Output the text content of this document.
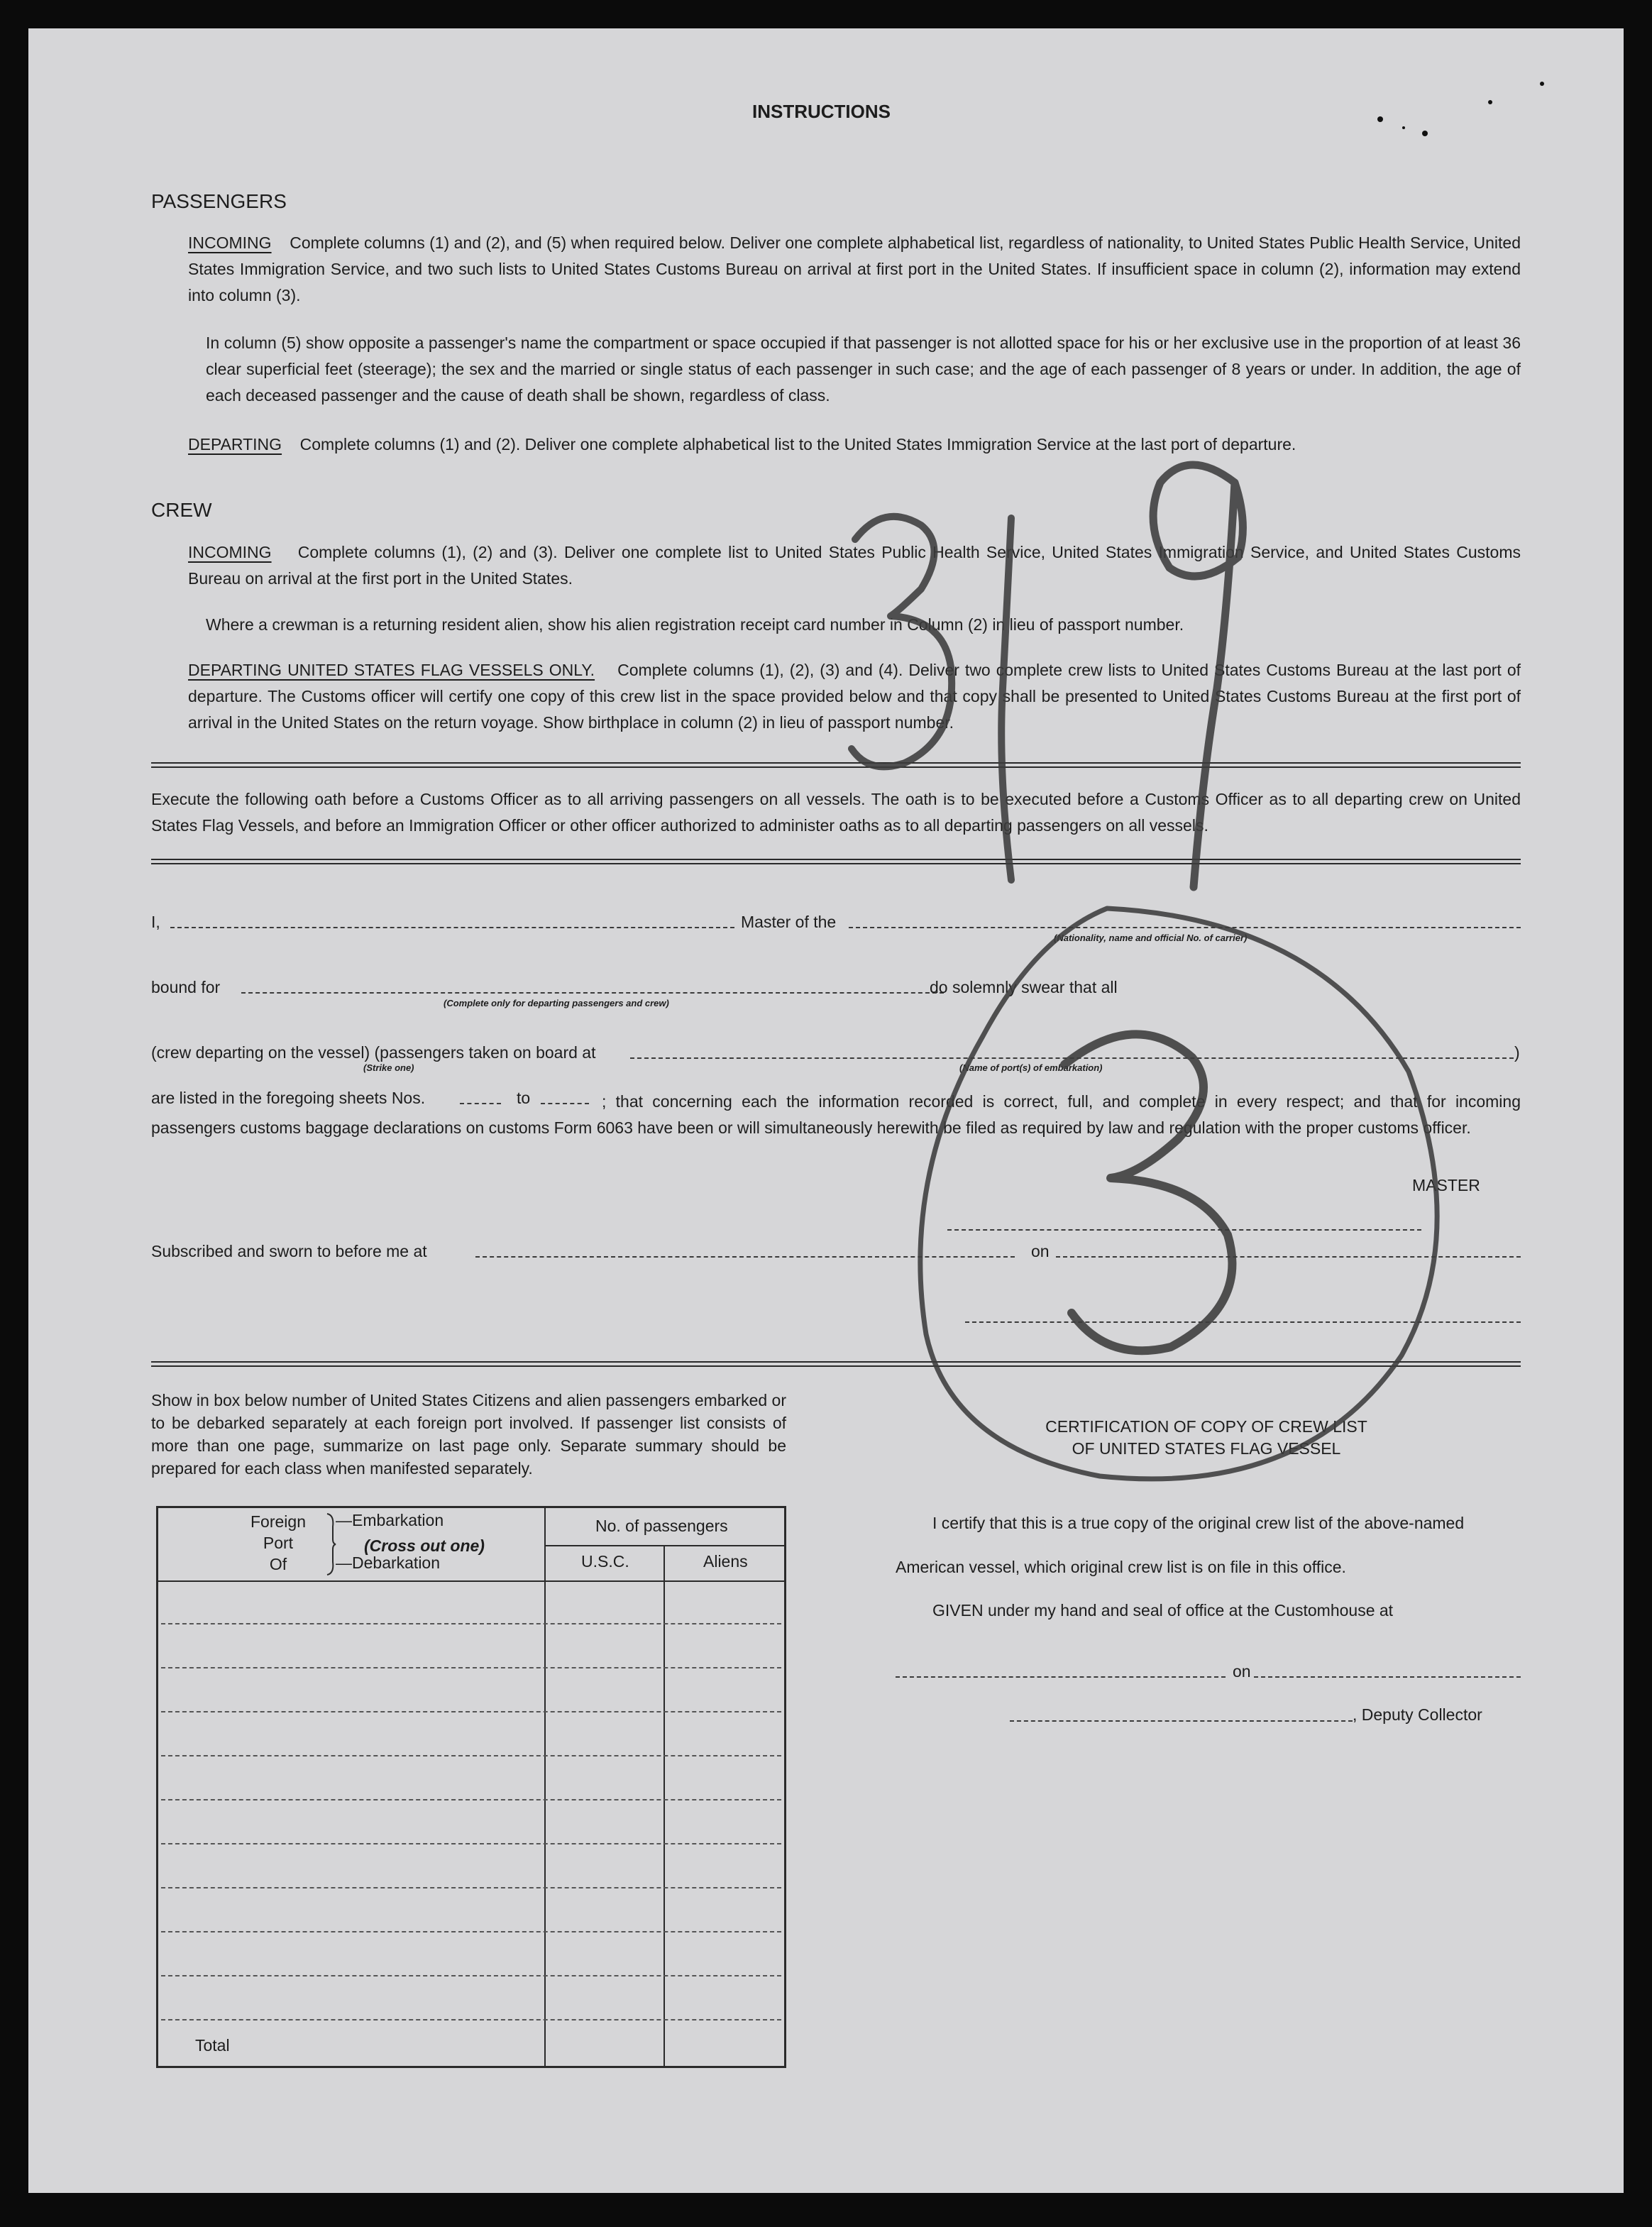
INSTRUCTIONS
PASSENGERS
INCOMING Complete columns (1) and (2), and (5) when required below. Deliver one complete alphabetical list, regardless of nationality, to United States Public Health Service, United States Immigration Service, and two such lists to United States Customs Bureau on arrival at first port in the United States. If insufficient space in column (2), information may extend into column (3).
In column (5) show opposite a passenger's name the compartment or space occupied if that passenger is not allotted space for his or her exclusive use in the proportion of at least 36 clear superficial feet (steerage); the sex and the married or single status of each passenger in such case; and the age of each passenger of 8 years or under. In addition, the age of each deceased passenger and the cause of death shall be shown, regardless of class.
DEPARTING Complete columns (1) and (2). Deliver one complete alphabetical list to the United States Immigration Service at the last port of departure.
CREW
INCOMING Complete columns (1), (2) and (3). Deliver one complete list to United States Public Health Service, United States Immigration Service, and United States Customs Bureau on arrival at the first port in the United States.
Where a crewman is a returning resident alien, show his alien registration receipt card number in Column (2) in lieu of passport number.
DEPARTING UNITED STATES FLAG VESSELS ONLY. Complete columns (1), (2), (3) and (4). Deliver two complete crew lists to United States Customs Bureau at the last port of departure. The Customs officer will certify one copy of this crew list in the space provided below and that copy shall be presented to United States Customs Bureau at the first port of arrival in the United States on the return voyage. Show birthplace in column (2) in lieu of passport number.
Execute the following oath before a Customs Officer as to all arriving passengers on all vessels. The oath is to be executed before a Customs Officer as to all departing crew on United States Flag Vessels, and before an Immigration Officer or other officer authorized to administer oaths as to all departing passengers on all vessels.
I,	Master of the
(Nationality, name and official No. of carrier)
bound for
(Complete only for departing passengers and crew)
do solemnly swear that all
(crew departing on the vessel) (passengers taken on board at	)
(Strike one)	(Name of port(s) of embarkation)
are listed in the foregoing sheets Nos.	to	; that concerning each the information recorded is correct, full, and complete in every respect; and that for incoming passengers customs baggage declarations on customs Form 6063 have been or will simultaneously herewith be filed as required by law and regulation with the proper customs officer.
MASTER
Subscribed and sworn to before me at	on
Show in box below number of United States Citizens and alien passengers embarked or to be debarked separately at each foreign port involved. If passenger list consists of more than one page, summarize on last page only. Separate summary should be prepared for each class when manifested separately.
Foreign
Port
Of
—Embarkation
(Cross out one)
—Debarkation
No. of passengers
U.S.C.	Aliens
Total
CERTIFICATION OF COPY OF CREW LIST
OF UNITED STATES FLAG VESSEL
I certify that this is a true copy of the original crew list of the above-named
American vessel, which original crew list is on file in this office.
GIVEN under my hand and seal of office at the Customhouse at
on
, Deputy Collector
